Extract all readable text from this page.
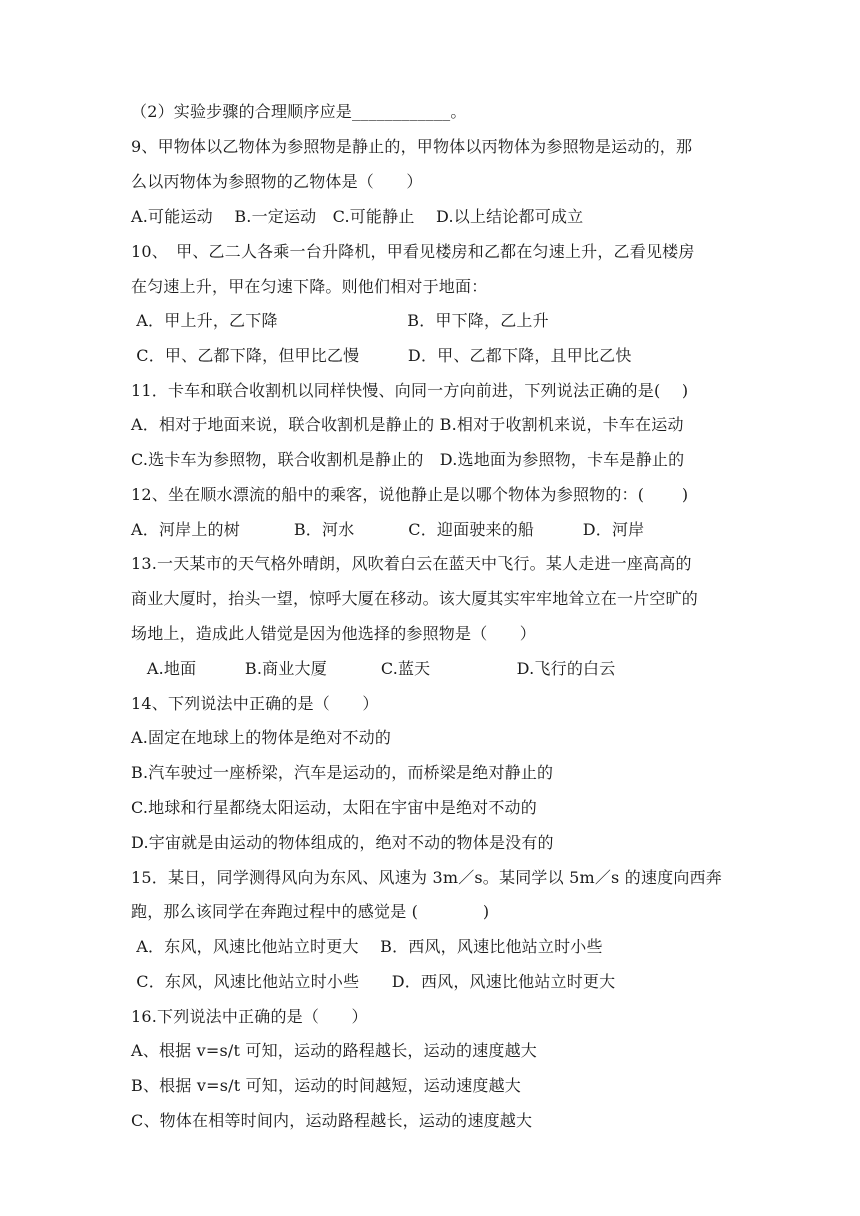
（2）实验步骤的合理顺序应是____________。
9、甲物体以乙物体为参照物是静止的，甲物体以丙物体为参照物是运动的，那
么以丙物体为参照物的乙物体是（　　）
A.可能运动　 B.一定运动　C.可能静止　 D.以上结论都可成立
10、　甲、乙二人各乘一台升降机，甲看见楼房和乙都在匀速上升，乙看见楼房
在匀速上升，甲在匀速下降。则他们相对于地面：
A．甲上升，乙下降　　　　　　　　B．甲下降，乙上升
C．甲、乙都下降，但甲比乙慢　　　D．甲、乙都下降，且甲比乙快
11．卡车和联合收割机以同样快慢、向同一方向前进，下列说法正确的是(　 )
A．相对于地面来说，联合收割机是静止的 B.相对于收割机来说，卡车在运动
C.选卡车为参照物，联合收割机是静止的　D.选地面为参照物，卡车是静止的
12、坐在顺水漂流的船中的乘客，说他静止是以哪个物体为参照物的：(　　 )
A．河岸上的树　　　 B．河水　　　 C．迎面驶来的船　　　D．河岸
13.一天某市的天气格外晴朗，风吹着白云在蓝天中飞行。某人走进一座高高的
商业大厦时，抬头一望，惊呼大厦在移动。该大厦其实牢牢地耸立在一片空旷的
场地上，造成此人错觉是因为他选择的参照物是（　　）
A.地面　　　B.商业大厦　　　 C.蓝天　　　　　 D.飞行的白云
14、下列说法中正确的是（　　）
A.固定在地球上的物体是绝对不动的
B.汽车驶过一座桥梁，汽车是运动的，而桥梁是绝对静止的
C.地球和行星都绕太阳运动，太阳在宇宙中是绝对不动的
D.宇宙就是由运动的物体组成的，绝对不动的物体是没有的
15．某日，同学测得风向为东风、风速为 3m／s。某同学以 5m／s 的速度向西奔
跑，那么该同学在奔跑过程中的感觉是 (　　　　)
A．东风，风速比他站立时更大　 B．西风，风速比他站立时小些
C．东风，风速比他站立时小些　　D．西风，风速比他站立时更大
16.下列说法中正确的是（　　）
A、根据 v=s/t 可知，运动的路程越长，运动的速度越大
B、根据 v=s/t 可知，运动的时间越短，运动速度越大
C、物体在相等时间内，运动路程越长，运动的速度越大
